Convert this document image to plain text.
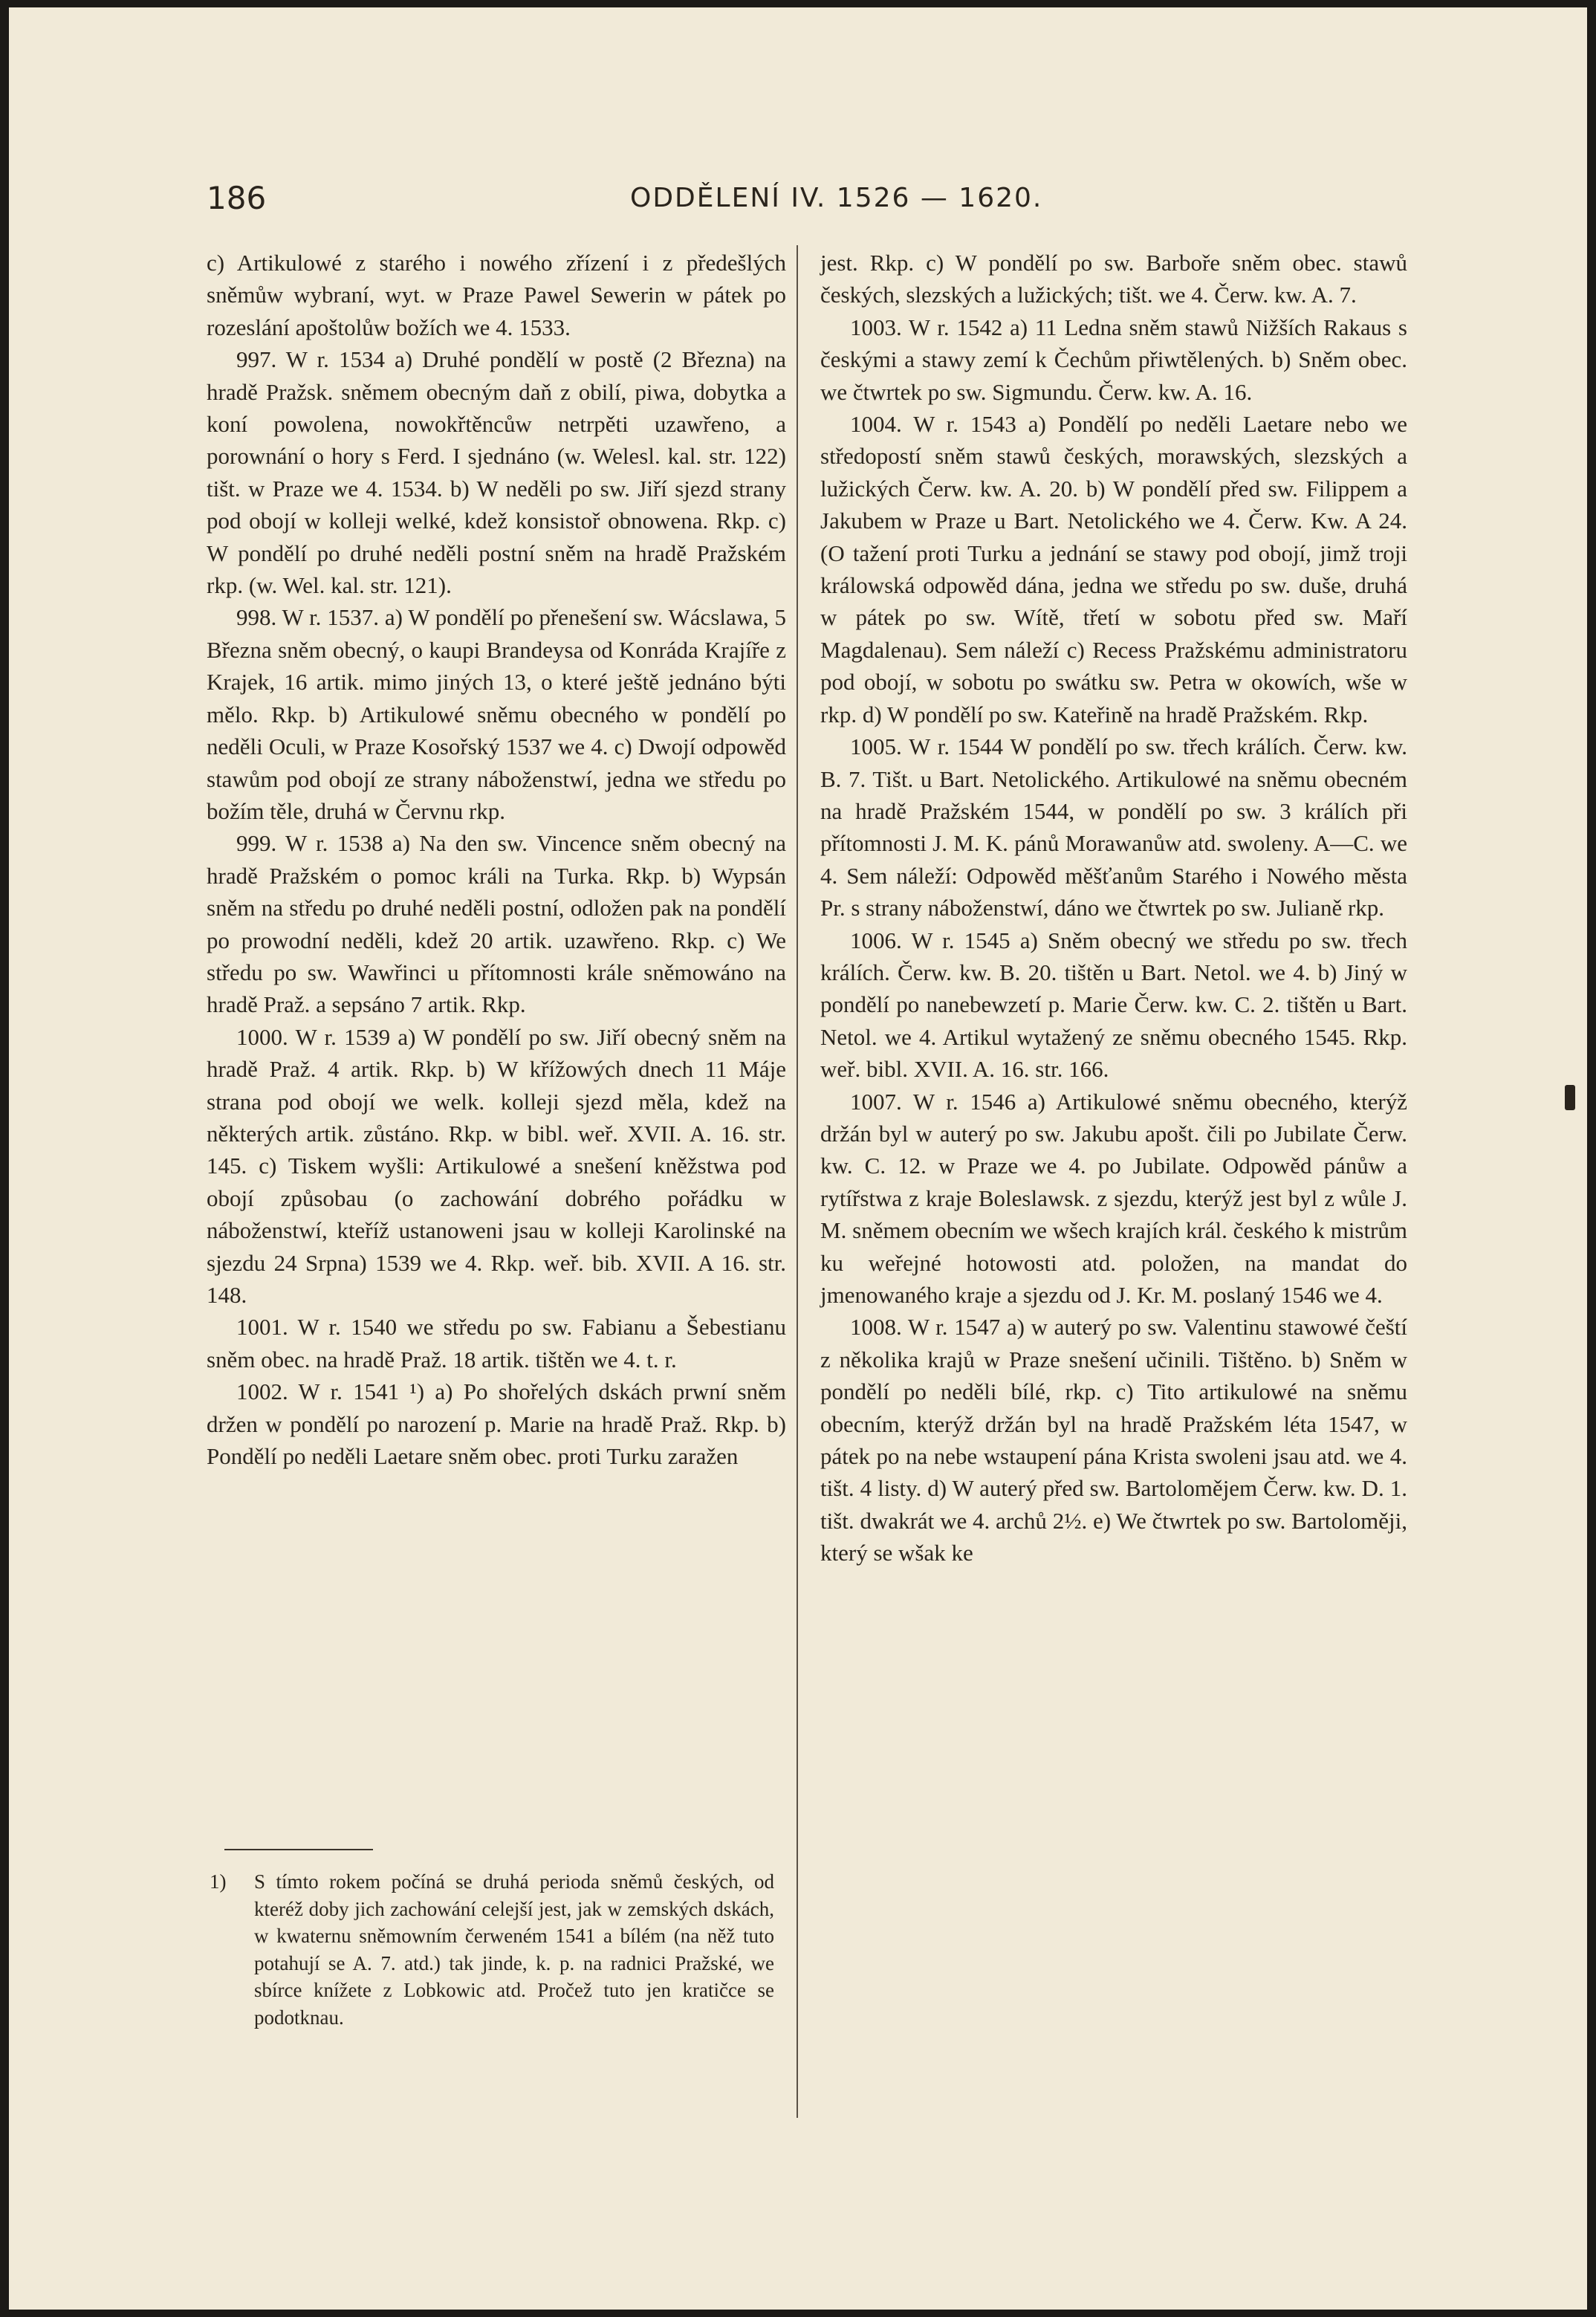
186	ODDĚLENÍ IV. 1526 — 1620.

c) Artikulowé z starého i nowého zřízení i z předešlých sněmůw wybraní, wyt. w Praze Pawel Sewerin w pátek po rozeslání apoštolůw božích we 4. 1533.

997. W r. 1534 a) Druhé pondělí w postě (2 Března) na hradě Pražsk. sněmem obecným daň z obilí, piwa, dobytka a koní powolena, nowokřtěncůw netrpěti uzawřeno, a porownání o hory s Ferd. I sjednáno (w. Welesl. kal. str. 122) tišt. w Praze we 4. 1534. b) W neděli po sw. Jiří sjezd strany pod obojí w kolleji welké, kdež konsistoř obnowena. Rkp. c) W pondělí po druhé neděli postní sněm na hradě Pražském rkp. (w. Wel. kal. str. 121).

998. W r. 1537. a) W pondělí po přenešení sw. Wácslawa, 5 Března sněm obecný, o kaupi Brandeysa od Konráda Krajíře z Krajek, 16 artik. mimo jiných 13, o které ještě jednáno býti mělo. Rkp. b) Artikulowé sněmu obecného w pondělí po neděli Oculi, w Praze Kosořský 1537 we 4. c) Dwojí odpowěd stawům pod obojí ze strany náboženstwí, jedna we středu po božím těle, druhá w Červnu rkp.

999. W r. 1538 a) Na den sw. Vincence sněm obecný na hradě Pražském o pomoc králi na Turka. Rkp. b) Wypsán sněm na středu po druhé neděli postní, odložen pak na pondělí po prowodní neděli, kdež 20 artik. uzawřeno. Rkp. c) We středu po sw. Wawřinci u přítomnosti krále sněmowáno na hradě Praž. a sepsáno 7 artik. Rkp.

1000. W r. 1539 a) W pondělí po sw. Jiří obecný sněm na hradě Praž. 4 artik. Rkp. b) W křížowých dnech 11 Máje strana pod obojí we welk. kolleji sjezd měla, kdež na některých artik. zůstáno. Rkp. w bibl. weř. XVII. A. 16. str. 145. c) Tiskem wyšli: Artikulowé a snešení kněžstwa pod obojí způsobau (o zachowání dobrého pořádku w náboženstwí, kteříž ustanoweni jsau w kolleji Karolinské na sjezdu 24 Srpna) 1539 we 4. Rkp. weř. bib. XVII. A 16. str. 148.

1001. W r. 1540 we středu po sw. Fabianu a Šebestianu sněm obec. na hradě Praž. 18 artik. tištěn we 4. t. r.

1002. W r. 1541 ¹) a) Po shořelých dskách prwní sněm držen w pondělí po narození p. Marie na hradě Praž. Rkp. b) Pondělí po neděli Laetare sněm obec. proti Turku zaražen

jest. Rkp. c) W pondělí po sw. Barboře sněm obec. stawů českých, slezských a lužických; tišt. we 4. Čerw. kw. A. 7.

1003. W r. 1542 a) 11 Ledna sněm stawů Nižších Rakaus s českými a stawy zemí k Čechům přiwtělených. b) Sněm obec. we čtwrtek po sw. Sigmundu. Čerw. kw. A. 16.

1004. W r. 1543 a) Pondělí po neděli Laetare nebo we středopostí sněm stawů českých, morawských, slezských a lužických Čerw. kw. A. 20. b) W pondělí před sw. Filippem a Jakubem w Praze u Bart. Netolického we 4. Čerw. Kw. A 24. (O tažení proti Turku a jednání se stawy pod obojí, jimž troji králowská odpowěd dána, jedna we středu po sw. duše, druhá w pátek po sw. Wítě, třetí w sobotu před sw. Maří Magdalenau). Sem náleží c) Recess Pražskému administratoru pod obojí, w sobotu po swátku sw. Petra w okowích, wše w rkp. d) W pondělí po sw. Kateřině na hradě Pražském. Rkp.

1005. W r. 1544 W pondělí po sw. třech králích. Čerw. kw. B. 7. Tišt. u Bart. Netolického. Artikulowé na sněmu obecném na hradě Pražském 1544, w pondělí po sw. 3 králích při přítomnosti J. M. K. pánů Morawanůw atd. swoleny. A—C. we 4. Sem náleží: Odpowěd měšťanům Starého i Nowého města Pr. s strany náboženstwí, dáno we čtwrtek po sw. Julianě rkp.

1006. W r. 1545 a) Sněm obecný we středu po sw. třech králích. Čerw. kw. B. 20. tištěn u Bart. Netol. we 4. b) Jiný w pondělí po nanebewzetí p. Marie Čerw. kw. C. 2. tištěn u Bart. Netol. we 4. Artikul wytažený ze sněmu obecného 1545. Rkp. weř. bibl. XVII. A. 16. str. 166.

1007. W r. 1546 a) Artikulowé sněmu obecného, kterýž držán byl w auterý po sw. Jakubu apošt. čili po Jubilate Čerw. kw. C. 12. w Praze we 4. po Jubilate. Odpowěd pánůw a rytířstwa z kraje Boleslawsk. z sjezdu, kterýž jest byl z wůle J. M. sněmem obecním we wšech krajích král. českého k mistrům ku weřejné hotowosti atd. položen, na mandat do jmenowaného kraje a sjezdu od J. Kr. M. poslaný 1546 we 4.

1008. W r. 1547 a) w auterý po sw. Valentinu stawowé čeští z několika krajů w Praze snešení učinili. Tištěno. b) Sněm w pondělí po neděli bílé, rkp. c) Tito artikulowé na sněmu obecním, kterýž držán byl na hradě Pražském léta 1547, w pátek po na nebe wstaupení pána Krista swoleni jsau atd. we 4. tišt. 4 listy. d) W auterý před sw. Bartolomějem Čerw. kw. D. 1. tišt. dwakrát we 4. archů 2½. e) We čtwrtek po sw. Bartoloměji, který se wšak ke

1) S tímto rokem počíná se druhá perioda sněmů českých, od kteréž doby jich zachowání celejší jest, jak w zemských dskách, w kwaternu sněmowním čerweném 1541 a bílém (na něž tuto potahují se A. 7. atd.) tak jinde, k. p. na radnici Pražské, we sbírce knížete z Lobkowic atd. Pročež tuto jen kratičce se podotknau.
